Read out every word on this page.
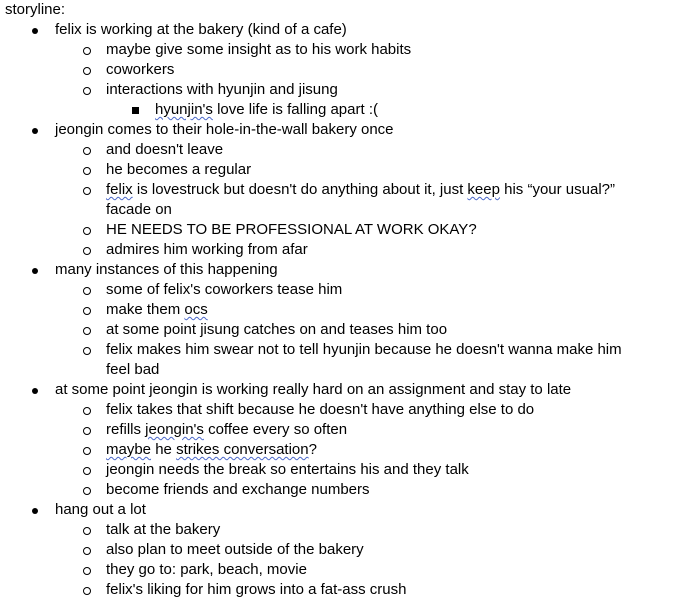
storyline:
felix is working at the bakery (kind of a cafe)
maybe give some insight as to his work habits
coworkers
interactions with hyunjin and jisung
hyunjin's love life is falling apart :(
jeongin comes to their hole-in-the-wall bakery once
and doesn't leave
he becomes a regular
felix is lovestruck but doesn't do anything about it, just keep his “your usual?”
facade on
HE NEEDS TO BE PROFESSIONAL AT WORK OKAY?
admires him working from afar
many instances of this happening
some of felix's coworkers tease him
make them ocs
at some point jisung catches on and teases him too
felix makes him swear not to tell hyunjin because he doesn't wanna make him
feel bad
at some point jeongin is working really hard on an assignment and stay to late
felix takes that shift because he doesn't have anything else to do
refills jeongin's coffee every so often
maybe he strikes conversation?
jeongin needs the break so entertains his and they talk
become friends and exchange numbers
hang out a lot
talk at the bakery
also plan to meet outside of the bakery
they go to: park, beach, movie
felix's liking for him grows into a fat-ass crush
